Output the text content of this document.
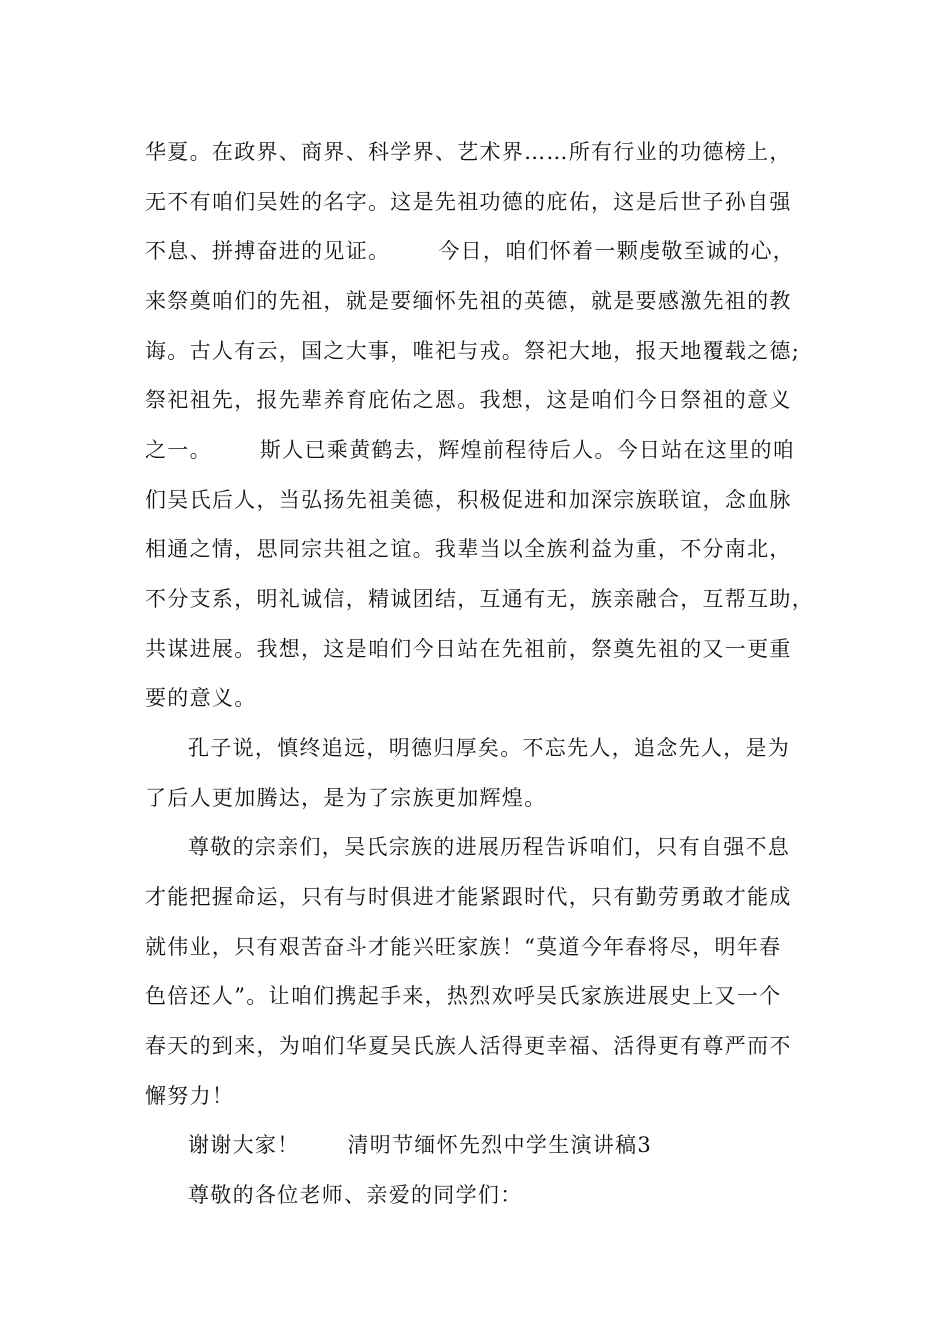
华夏。在政界、商界、科学界、艺术界……所有行业的功德榜上，
无不有咱们吴姓的名字。这是先祖功德的庇佑，这是后世子孙自强
不息、拼搏奋进的见证。 今日，咱们怀着一颗虔敬至诚的心，
来祭奠咱们的先祖，就是要缅怀先祖的英德，就是要感激先祖的教
诲。古人有云，国之大事，唯祀与戎。祭祀大地，报天地覆载之德;
祭祀祖先，报先辈养育庇佑之恩。我想，这是咱们今日祭祖的意义
之一。 斯人已乘黄鹤去，辉煌前程待后人。今日站在这里的咱
们吴氏后人，当弘扬先祖美德，积极促进和加深宗族联谊，念血脉
相通之情，思同宗共祖之谊。我辈当以全族利益为重，不分南北，
不分支系，明礼诚信，精诚团结，互通有无，族亲融合，互帮互助，
共谋进展。我想，这是咱们今日站在先祖前，祭奠先祖的又一更重
要的意义。
孔子说，慎终追远，明德归厚矣。不忘先人，追念先人，是为
了后人更加腾达，是为了宗族更加辉煌。
尊敬的宗亲们，吴氏宗族的进展历程告诉咱们，只有自强不息
才能把握命运，只有与时俱进才能紧跟时代，只有勤劳勇敢才能成
就伟业，只有艰苦奋斗才能兴旺家族！“莫道今年春将尽，明年春
色倍还人”。让咱们携起手来，热烈欢呼吴氏家族进展史上又一个
春天的到来，为咱们华夏吴氏族人活得更幸福、活得更有尊严而不
懈努力！
谢谢大家！ 清明节缅怀先烈中学生演讲稿3
尊敬的各位老师、亲爱的同学们：
